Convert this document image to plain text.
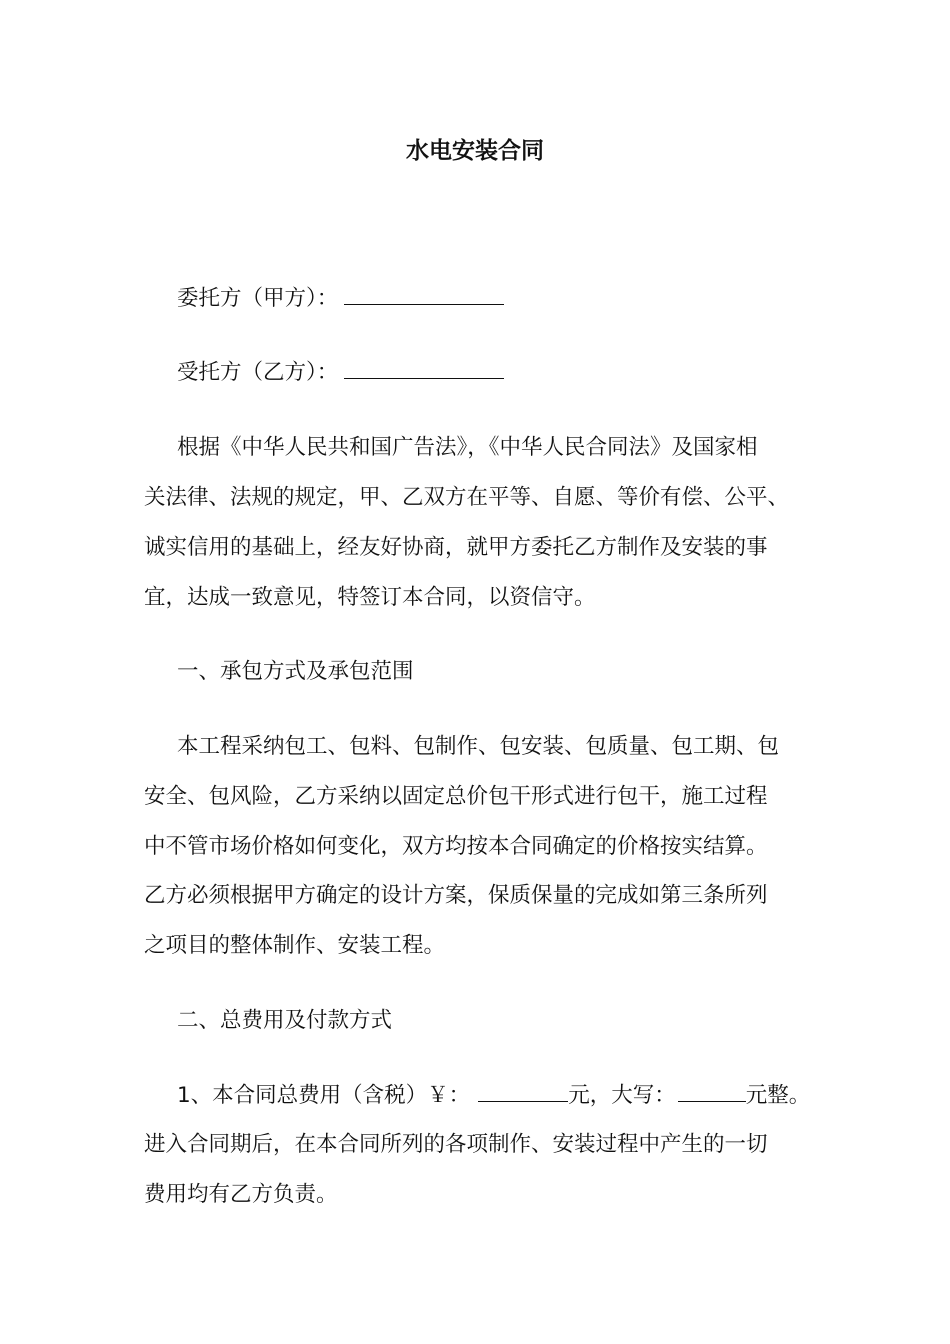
水电安装合同
委托方（甲方）：
受托方（乙方）：
根据《中华人民共和国广告法》，《中华人民合同法》及国家相
关法律、法规的规定，甲、乙双方在平等、自愿、等价有偿、公平、
诚实信用的基础上，经友好协商，就甲方委托乙方制作及安装的事
宜，达成一致意见，特签订本合同，以资信守。
一、承包方式及承包范围
本工程采纳包工、包料、包制作、包安装、包质量、包工期、包
安全、包风险，乙方采纳以固定总价包干形式进行包干，施工过程
中不管市场价格如何变化，双方均按本合同确定的价格按实结算。
乙方必须根据甲方确定的设计方案，保质保量的完成如第三条所列
之项目的整体制作、安装工程。
二、总费用及付款方式
1、本合同总费用（含税）￥：	元，大写：	元整。
进入合同期后，在本合同所列的各项制作、安装过程中产生的一切
费用均有乙方负责。
